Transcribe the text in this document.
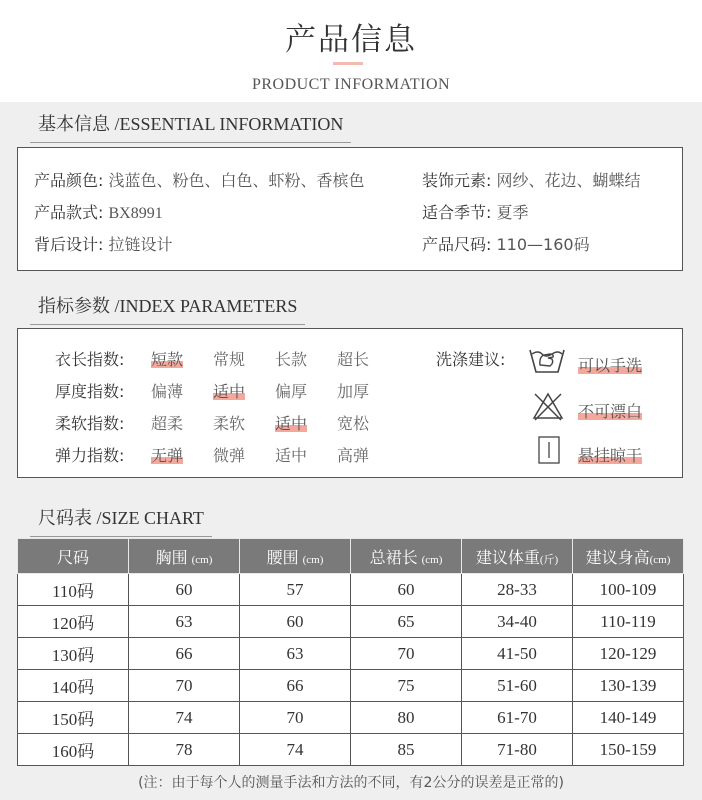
产品信息
PRODUCT INFORMATION
基本信息 /ESSENTIAL INFORMATION
产品颜色: 浅蓝色、粉色、白色、虾粉、香槟色
产品款式: BX8991
背后设计: 拉链设计
装饰元素: 网纱、花边、蝴蝶结
适合季节: 夏季
产品尺码: 110—160码
指标参数 /INDEX PARAMETERS
衣长指数: 短款 常规 长款 超长
厚度指数: 偏薄 适中 偏厚 加厚
柔软指数: 超柔 柔软 适中 宽松
弹力指数: 无弹 微弹 适中 高弹
洗涤建议:	可以手洗
不可漂白
悬挂晾干
尺码表 /SIZE CHART
尺码	胸围 (cm)	腰围 (cm)	总裙长 (cm)	建议体重(斤)	建议身高(cm)
110码	60	57	60	28-33	100-109
120码	63	60	65	34-40	110-119
130码	66	63	70	41-50	120-129
140码	70	66	75	51-60	130-139
150码	74	70	80	61-70	140-149
160码	78	74	85	71-80	150-159
(注：由于每个人的测量手法和方法的不同，有2公分的误差是正常的)
